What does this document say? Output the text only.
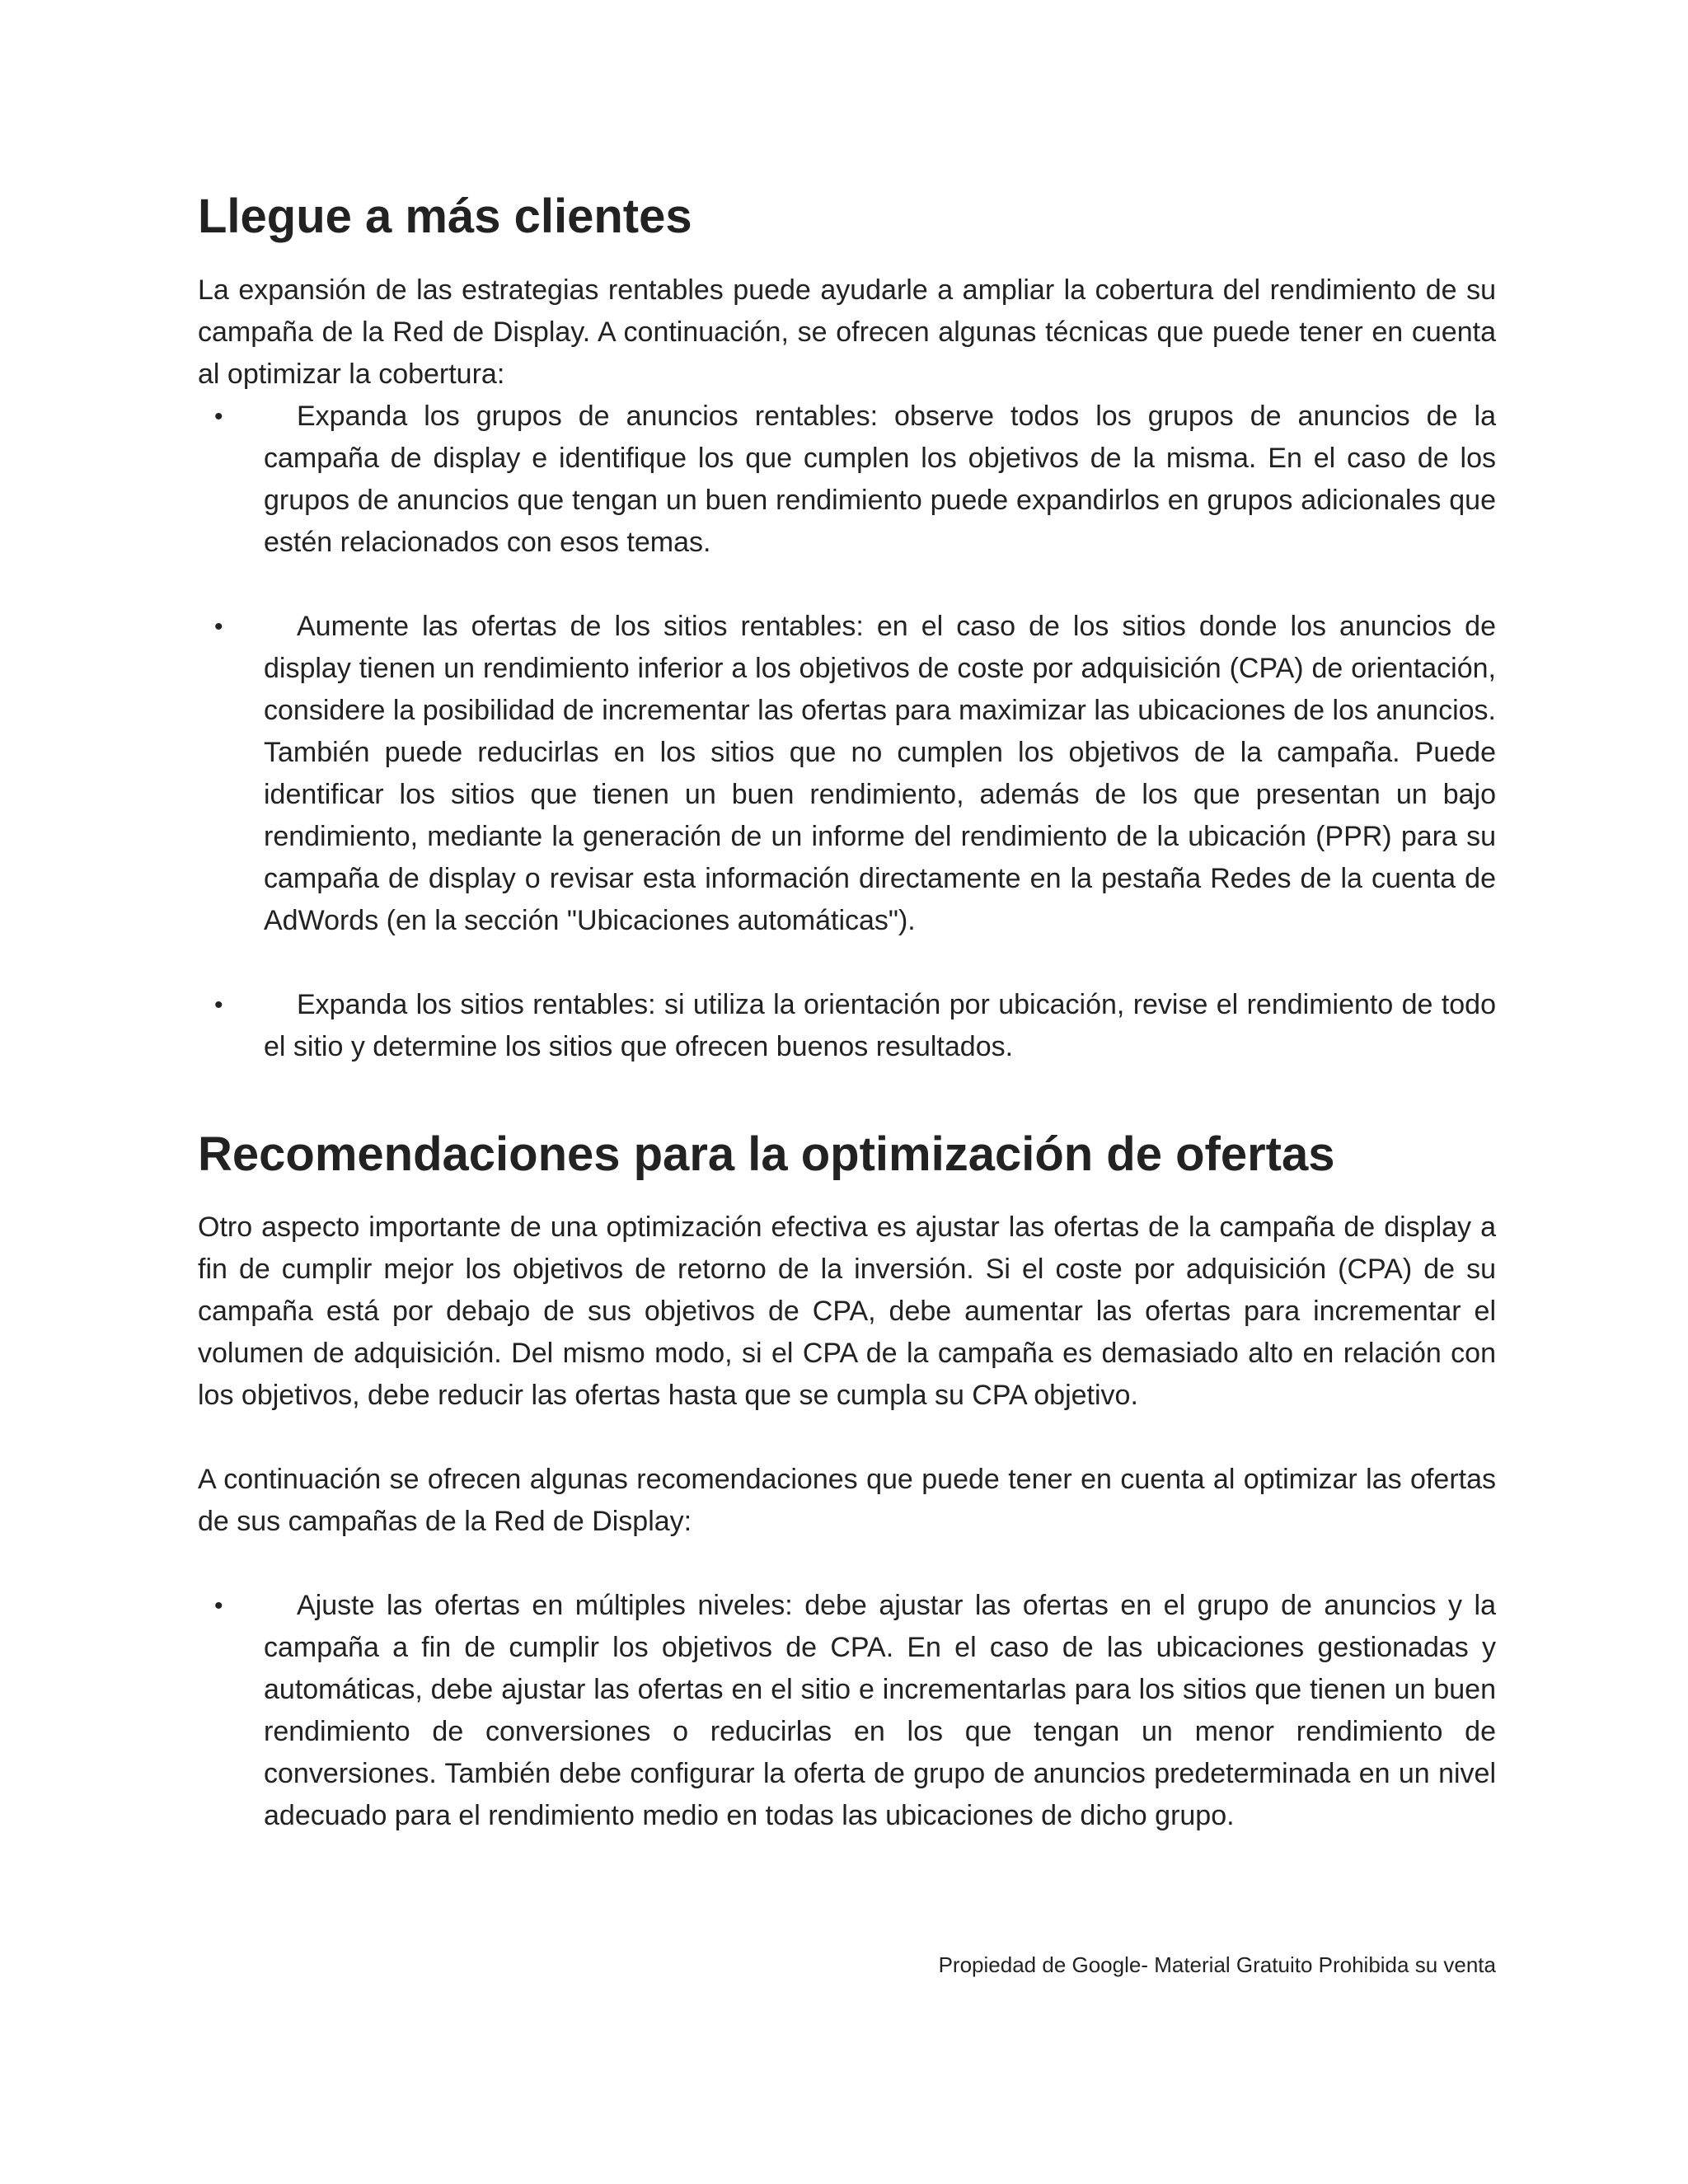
Llegue a más clientes

La expansión de las estrategias rentables puede ayudarle a ampliar la cobertura del rendimiento de su campaña de la Red de Display. A continuación, se ofrecen algunas técnicas que puede tener en cuenta al optimizar la cobertura:

•	Expanda los grupos de anuncios rentables: observe todos los grupos de anuncios de la campaña de display e identifique los que cumplen los objetivos de la misma. En el caso de los grupos de anuncios que tengan un buen rendimiento puede expandirlos en grupos adicionales que estén relacionados con esos temas.
•	Aumente las ofertas de los sitios rentables: en el caso de los sitios donde los anuncios de display tienen un rendimiento inferior a los objetivos de coste por adquisición (CPA) de orientación, considere la posibilidad de incrementar las ofertas para maximizar las ubicaciones de los anuncios. También puede reducirlas en los sitios que no cumplen los objetivos de la campaña. Puede identificar los sitios que tienen un buen rendimiento, además de los que presentan un bajo rendimiento, mediante la generación de un informe del rendimiento de la ubicación (PPR) para su campaña de display o revisar esta información directamente en la pestaña Redes de la cuenta de AdWords (en la sección "Ubicaciones automáticas").
•	Expanda los sitios rentables: si utiliza la orientación por ubicación, revise el rendimiento de todo el sitio y determine los sitios que ofrecen buenos resultados.
Recomendaciones para la optimización de ofertas

Otro aspecto importante de una optimización efectiva es ajustar las ofertas de la campaña de display a fin de cumplir mejor los objetivos de retorno de la inversión. Si el coste por adquisición (CPA) de su campaña está por debajo de sus objetivos de CPA, debe aumentar las ofertas para incrementar el volumen de adquisición. Del mismo modo, si el CPA de la campaña es demasiado alto en relación con los objetivos, debe reducir las ofertas hasta que se cumpla su CPA objetivo.

A continuación se ofrecen algunas recomendaciones que puede tener en cuenta al optimizar las ofertas de sus campañas de la Red de Display:

•	Ajuste las ofertas en múltiples niveles: debe ajustar las ofertas en el grupo de anuncios y la campaña a fin de cumplir los objetivos de CPA. En el caso de las ubicaciones gestionadas y automáticas, debe ajustar las ofertas en el sitio e incrementarlas para los sitios que tienen un buen rendimiento de conversiones o reducirlas en los que tengan un menor rendimiento de conversiones. También debe configurar la oferta de grupo de anuncios predeterminada en un nivel adecuado para el rendimiento medio en todas las ubicaciones de dicho grupo.
Propiedad de Google- Material Gratuito Prohibida su venta
